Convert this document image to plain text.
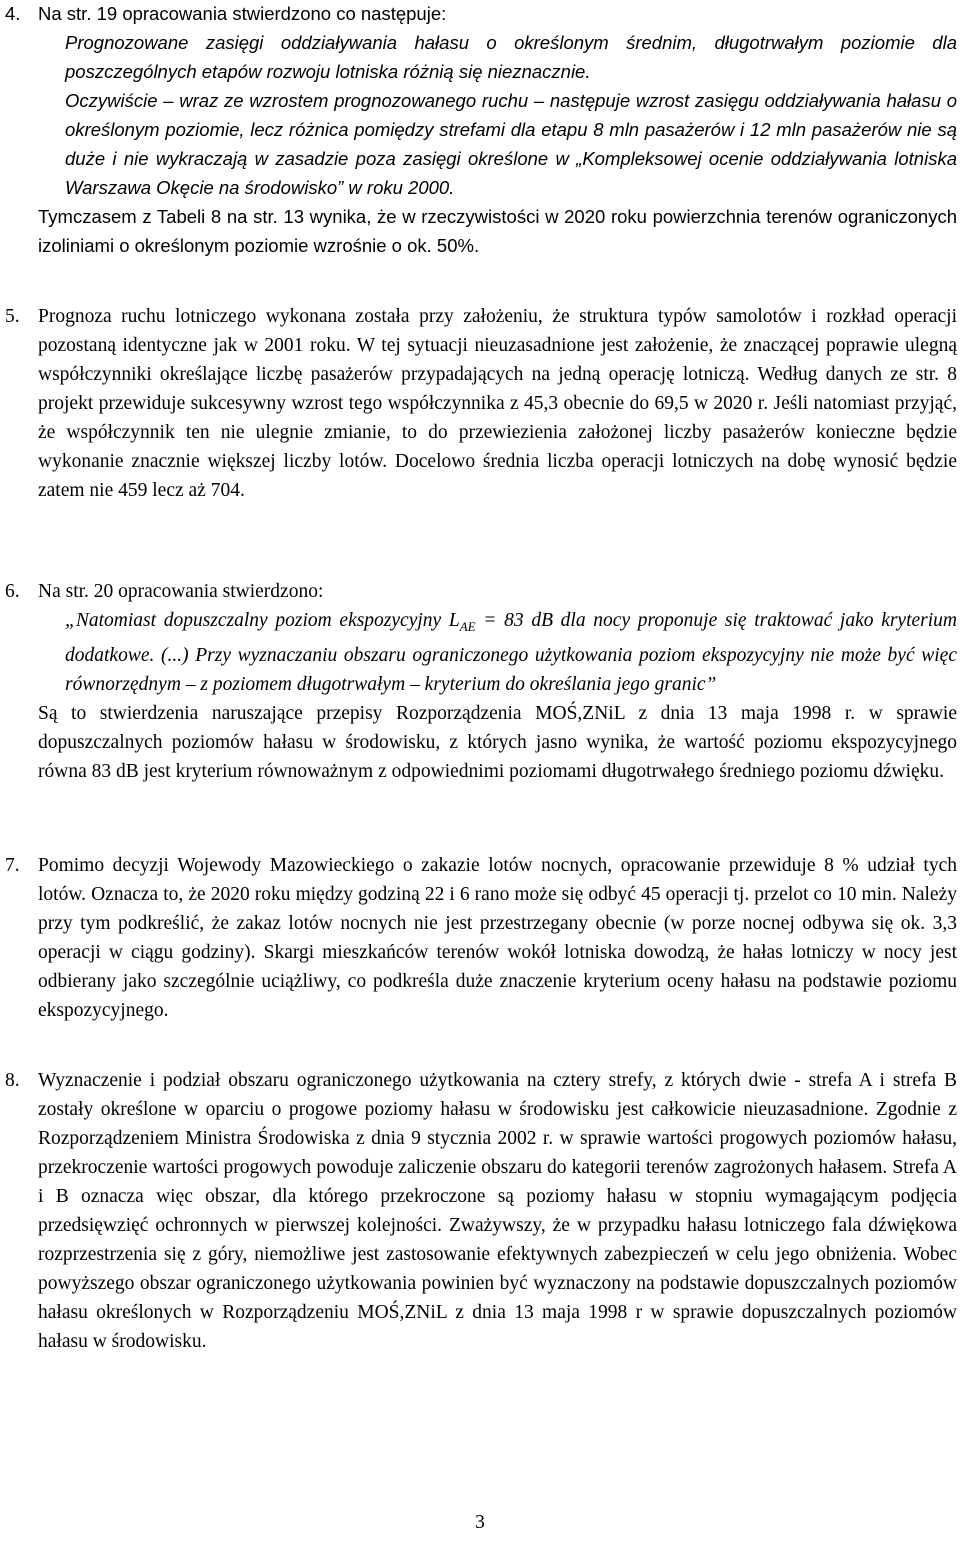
4. Na str. 19 opracowania stwierdzono co następuje:
Prognozowane zasięgi oddziaływania hałasu o określonym średnim, długotrwałym poziomie dla poszczególnych etapów rozwoju lotniska różnią się nieznacznie.
Oczywiście – wraz ze wzrostem prognozowanego ruchu – następuje wzrost zasięgu oddziaływania hałasu o określonym poziomie, lecz różnica pomiędzy strefami dla etapu 8 mln pasażerów i 12 mln pasażerów nie są duże i nie wykraczają w zasadzie poza zasięgi określone w „Kompleksowej ocenie oddziaływania lotniska Warszawa Okęcie na środowisko” w roku 2000.
Tymczasem z Tabeli 8 na str. 13 wynika, że w rzeczywistości w 2020 roku powierzchnia terenów ograniczonych izoliniami o określonym poziomie wzrośnie o ok. 50%.
5. Prognoza ruchu lotniczego wykonana została przy założeniu, że struktura typów samolotów i rozkład operacji pozostaną identyczne jak w 2001 roku. W tej sytuacji nieuzasadnione jest założenie, że znaczącej poprawie ulegną współczynniki określające liczbę pasażerów przypadających na jedną operację lotniczą. Według danych ze str. 8 projekt przewiduje sukcesywny wzrost tego współczynnika z 45,3 obecnie do 69,5 w 2020 r. Jeśli natomiast przyjąć, że współczynnik ten nie ulegnie zmianie, to do przewiezienia założonej liczby pasażerów konieczne będzie wykonanie znacznie większej liczby lotów. Docelowo średnia liczba operacji lotniczych na dobę wynosić będzie zatem nie 459 lecz aż 704.
6. Na str. 20 opracowania stwierdzono:
„Natomiast dopuszczalny poziom ekspozycyjny $L_{AE} = 83$ dB dla nocy proponuje się traktować jako kryterium dodatkowe. (...) Przy wyznaczaniu obszaru ograniczonego użytkowania poziom ekspozycyjny nie może być więc równorzędnym – z poziomem długotrwałym – kryterium do określania jego granic”
Są to stwierdzenia naruszające przepisy Rozporządzenia MOŚ,ZNiL z dnia 13 maja 1998 r. w sprawie dopuszczalnych poziomów hałasu w środowisku, z których jasno wynika, że wartość poziomu ekspozycyjnego równa 83 dB jest kryterium równoważnym z odpowiednimi poziomami długotrwałego średniego poziomu dźwięku.
7. Pomimo decyzji Wojewody Mazowieckiego o zakazie lotów nocnych, opracowanie przewiduje 8 % udział tych lotów. Oznacza to, że 2020 roku między godziną 22 i 6 rano może się odbyć 45 operacji tj. przelot co 10 min. Należy przy tym podkreślić, że zakaz lotów nocnych nie jest przestrzegany obecnie (w porze nocnej odbywa się ok. 3,3 operacji w ciągu godziny). Skargi mieszkańców terenów wokół lotniska dowodzą, że hałas lotniczy w nocy jest odbierany jako szczególnie uciążliwy, co podkreśla duże znaczenie kryterium oceny hałasu na podstawie poziomu ekspozycyjnego.
8. Wyznaczenie i podział obszaru ograniczonego użytkowania na cztery strefy, z których dwie - strefa A i strefa B zostały określone w oparciu o progowe poziomy hałasu w środowisku jest całkowicie nieuzasadnione. Zgodnie z Rozporządzeniem Ministra Środowiska z dnia 9 stycznia 2002 r. w sprawie wartości progowych poziomów hałasu, przekroczenie wartości progowych powoduje zaliczenie obszaru do kategorii terenów zagrożonych hałasem. Strefa A i B oznacza więc obszar, dla którego przekroczone są poziomy hałasu w stopniu wymagającym podjęcia przedsięwzięć ochronnych w pierwszej kolejności. Zważywszy, że w przypadku hałasu lotniczego fala dźwiękowa rozprzestrzenia się z góry, niemożliwe jest zastosowanie efektywnych zabezpieczeń w celu jego obniżenia. Wobec powyższego obszar ograniczonego użytkowania powinien być wyznaczony na podstawie dopuszczalnych poziomów hałasu określonych w Rozporządzeniu MOŚ,ZNiL z dnia 13 maja 1998 r w sprawie dopuszczalnych poziomów hałasu w środowisku.
3
